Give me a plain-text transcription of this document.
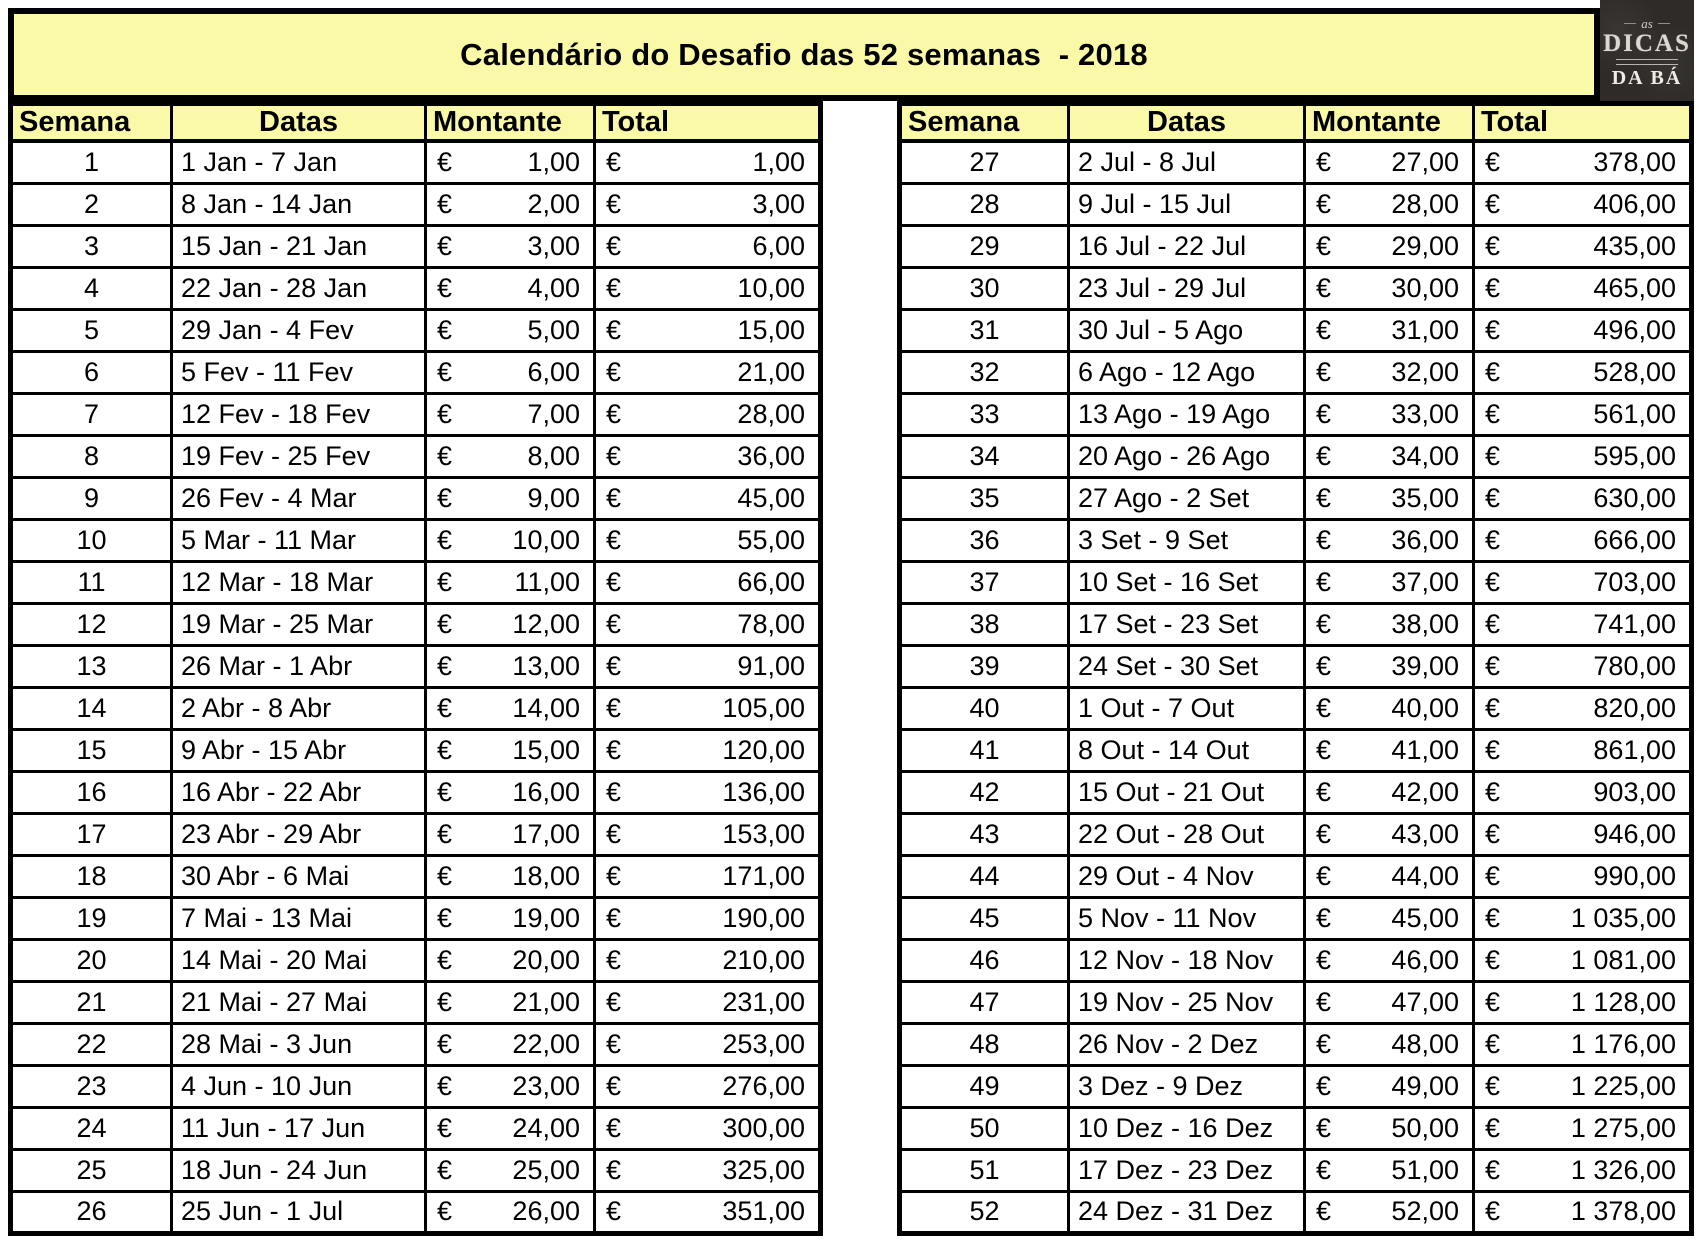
Calendário do Desafio das 52 semanas  - 2018
as
DICAS
DA BÁ
Semana	Datas	Montante	Total
1	1 Jan - 7 Jan	€ 1,00	€ 1,00

2	8 Jan - 14 Jan	€ 2,00	€ 3,00

3	15 Jan - 21 Jan	€ 3,00	€ 6,00

4	22 Jan - 28 Jan	€ 4,00	€ 10,00

5	29 Jan - 4 Fev	€ 5,00	€ 15,00

6	5 Fev - 11 Fev	€ 6,00	€ 21,00

7	12 Fev - 18 Fev	€ 7,00	€ 28,00

8	19 Fev - 25 Fev	€ 8,00	€ 36,00

9	26 Fev - 4 Mar	€ 9,00	€ 45,00

10	5 Mar - 11 Mar	€ 10,00	€ 55,00

11	12 Mar - 18 Mar	€ 11,00	€ 66,00

12	19 Mar - 25 Mar	€ 12,00	€ 78,00

13	26 Mar - 1 Abr	€ 13,00	€ 91,00

14	2 Abr - 8 Abr	€ 14,00	€ 105,00

15	9 Abr - 15 Abr	€ 15,00	€ 120,00

16	16 Abr - 22 Abr	€ 16,00	€ 136,00

17	23 Abr - 29 Abr	€ 17,00	€ 153,00

18	30 Abr - 6 Mai	€ 18,00	€ 171,00

19	7 Mai - 13 Mai	€ 19,00	€ 190,00

20	14 Mai - 20 Mai	€ 20,00	€ 210,00

21	21 Mai - 27 Mai	€ 21,00	€ 231,00

22	28 Mai - 3 Jun	€ 22,00	€ 253,00

23	4 Jun - 10 Jun	€ 23,00	€ 276,00

24	11 Jun - 17 Jun	€ 24,00	€ 300,00

25	18 Jun - 24 Jun	€ 25,00	€ 325,00

26	25 Jun - 1 Jul	€ 26,00	€ 351,00
Semana	Datas	Montante	Total
27	2 Jul - 8 Jul	€ 27,00	€ 378,00

28	9 Jul - 15 Jul	€ 28,00	€ 406,00

29	16 Jul - 22 Jul	€ 29,00	€ 435,00

30	23 Jul - 29 Jul	€ 30,00	€ 465,00

31	30 Jul - 5 Ago	€ 31,00	€ 496,00

32	6 Ago - 12 Ago	€ 32,00	€ 528,00

33	13 Ago - 19 Ago	€ 33,00	€ 561,00

34	20 Ago - 26 Ago	€ 34,00	€ 595,00

35	27 Ago - 2 Set	€ 35,00	€ 630,00

36	3 Set - 9 Set	€ 36,00	€ 666,00

37	10 Set - 16 Set	€ 37,00	€ 703,00

38	17 Set - 23 Set	€ 38,00	€ 741,00

39	24 Set - 30 Set	€ 39,00	€ 780,00

40	1 Out - 7 Out	€ 40,00	€ 820,00

41	8 Out - 14 Out	€ 41,00	€ 861,00

42	15 Out - 21 Out	€ 42,00	€ 903,00

43	22 Out - 28 Out	€ 43,00	€ 946,00

44	29 Out - 4 Nov	€ 44,00	€ 990,00

45	5 Nov - 11 Nov	€ 45,00	€ 1 035,00

46	12 Nov - 18 Nov	€ 46,00	€ 1 081,00

47	19 Nov - 25 Nov	€ 47,00	€ 1 128,00

48	26 Nov - 2 Dez	€ 48,00	€ 1 176,00

49	3 Dez - 9 Dez	€ 49,00	€ 1 225,00

50	10 Dez - 16 Dez	€ 50,00	€ 1 275,00

51	17 Dez - 23 Dez	€ 51,00	€ 1 326,00

52	24 Dez - 31 Dez	€ 52,00	€ 1 378,00
